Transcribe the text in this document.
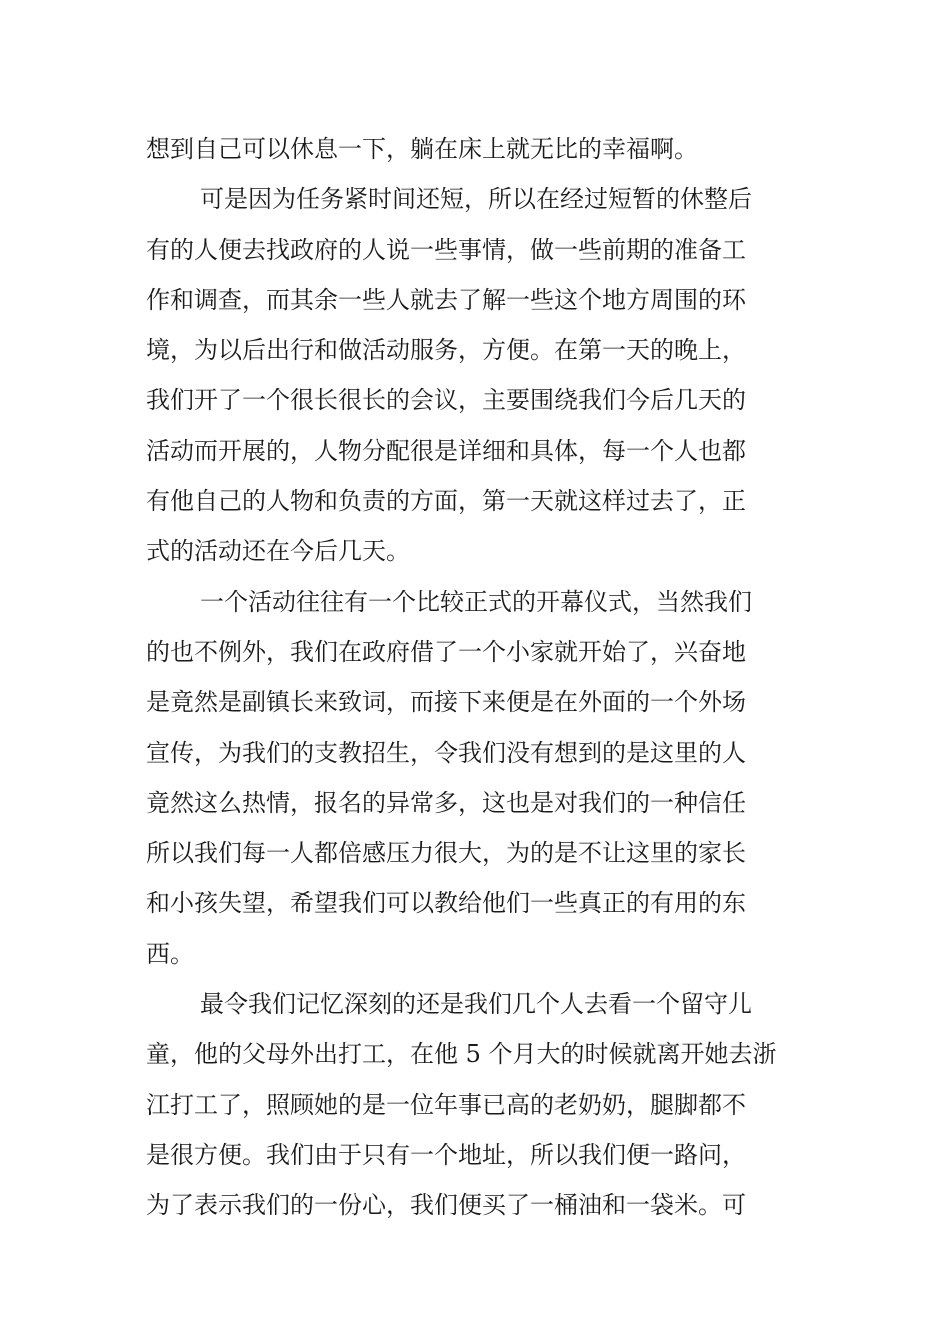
想到自己可以休息一下，躺在床上就无比的幸福啊。
可是因为任务紧时间还短，所以在经过短暂的休整后
有的人便去找政府的人说一些事情，做一些前期的准备工
作和调查，而其余一些人就去了解一些这个地方周围的环
境，为以后出行和做活动服务，方便。在第一天的晚上，
我们开了一个很长很长的会议，主要围绕我们今后几天的
活动而开展的，人物分配很是详细和具体，每一个人也都
有他自己的人物和负责的方面，第一天就这样过去了，正
式的活动还在今后几天。
一个活动往往有一个比较正式的开幕仪式，当然我们
的也不例外，我们在政府借了一个小家就开始了，兴奋地
是竟然是副镇长来致词，而接下来便是在外面的一个外场
宣传，为我们的支教招生，令我们没有想到的是这里的人
竟然这么热情，报名的异常多，这也是对我们的一种信任
所以我们每一人都倍感压力很大，为的是不让这里的家长
和小孩失望，希望我们可以教给他们一些真正的有用的东
西。
最令我们记忆深刻的还是我们几个人去看一个留守儿
童，他的父母外出打工，在他 5 个月大的时候就离开她去浙
江打工了，照顾她的是一位年事已高的老奶奶，腿脚都不
是很方便。我们由于只有一个地址，所以我们便一路问，
为了表示我们的一份心，我们便买了一桶油和一袋米。可
